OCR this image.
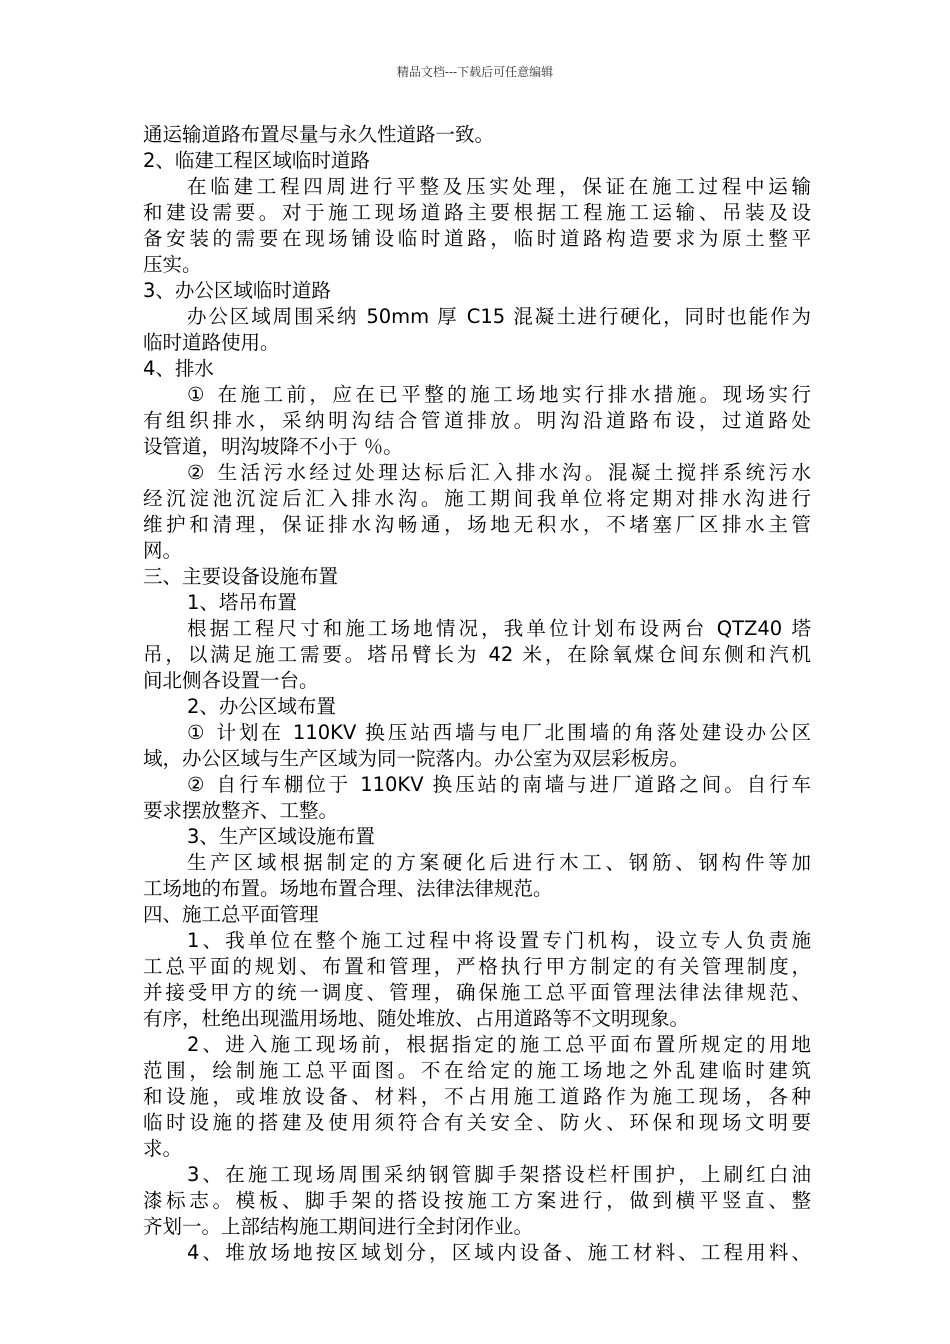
精品文档---下载后可任意编辑
通运输道路布置尽量与永久性道路一致。
2、临建工程区域临时道路
在临建工程四周进行平整及压实处理，保证在施工过程中运输
和建设需要。对于施工现场道路主要根据工程施工运输、吊装及设
备安装的需要在现场铺设临时道路，临时道路构造要求为原土整平
压实。
3、办公区域临时道路
办公区域周围采纳 50mm 厚 C15 混凝土进行硬化，同时也能作为
临时道路使用。
4、排水
① 在施工前，应在已平整的施工场地实行排水措施。现场实行
有组织排水，采纳明沟结合管道排放。明沟沿道路布设，过道路处
设管道，明沟坡降不小于 ％。
② 生活污水经过处理达标后汇入排水沟。混凝土搅拌系统污水
经沉淀池沉淀后汇入排水沟。施工期间我单位将定期对排水沟进行
维护和清理，保证排水沟畅通，场地无积水，不堵塞厂区排水主管
网。
三、主要设备设施布置
1、塔吊布置
根据工程尺寸和施工场地情况，我单位计划布设两台 QTZ40 塔
吊，以满足施工需要。塔吊臂长为 42 米，在除氧煤仓间东侧和汽机
间北侧各设置一台。
2、办公区域布置
① 计划在 110KV 换压站西墙与电厂北围墙的角落处建设办公区
域，办公区域与生产区域为同一院落内。办公室为双层彩板房。
② 自行车棚位于 110KV 换压站的南墙与进厂道路之间。自行车
要求摆放整齐、工整。
3、生产区域设施布置
生产区域根据制定的方案硬化后进行木工、钢筋、钢构件等加
工场地的布置。场地布置合理、法律法律规范。
四、施工总平面管理
1、我单位在整个施工过程中将设置专门机构，设立专人负责施
工总平面的规划、布置和管理，严格执行甲方制定的有关管理制度，
并接受甲方的统一调度、管理，确保施工总平面管理法律法律规范、
有序，杜绝出现滥用场地、随处堆放、占用道路等不文明现象。
2、进入施工现场前，根据指定的施工总平面布置所规定的用地
范围，绘制施工总平面图。不在给定的施工场地之外乱建临时建筑
和设施，或堆放设备、材料，不占用施工道路作为施工现场，各种
临时设施的搭建及使用须符合有关安全、防火、环保和现场文明要
求。
3、在施工现场周围采纳钢管脚手架搭设栏杆围护，上刷红白油
漆标志。模板、脚手架的搭设按施工方案进行，做到横平竖直、整
齐划一。上部结构施工期间进行全封闭作业。
4、堆放场地按区域划分，区域内设备、施工材料、工程用料、
